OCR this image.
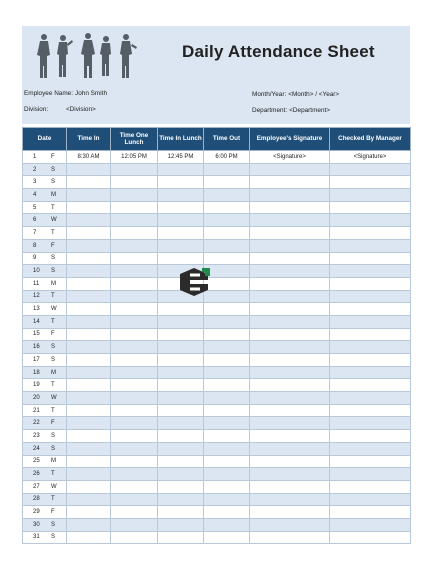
Daily Attendance Sheet
Employee Name: John Smith
Division:	<Division>
Month/Year: <Month> / <Year>
Department: <Department>
Date	Time In	Time One Lunch	Time In Lunch	Time Out	Employee's Signature	Checked By Manager
1 F	8:30 AM	12:05 PM	12:45 PM	6:00 PM	<Signature>	<Signature>
2 S						
3 S						
4 M						
5 T						
6 W						
7 T						
8 F						
9 S						
10 S						
11 M						
12 T						
13 W						
14 T						
15 F						
16 S						
17 S						
18 M						
19 T						
20 W						
21 T						
22 F						
23 S						
24 S						
25 M						
26 T						
27 W						
28 T						
29 F						
30 S						
31 S						
